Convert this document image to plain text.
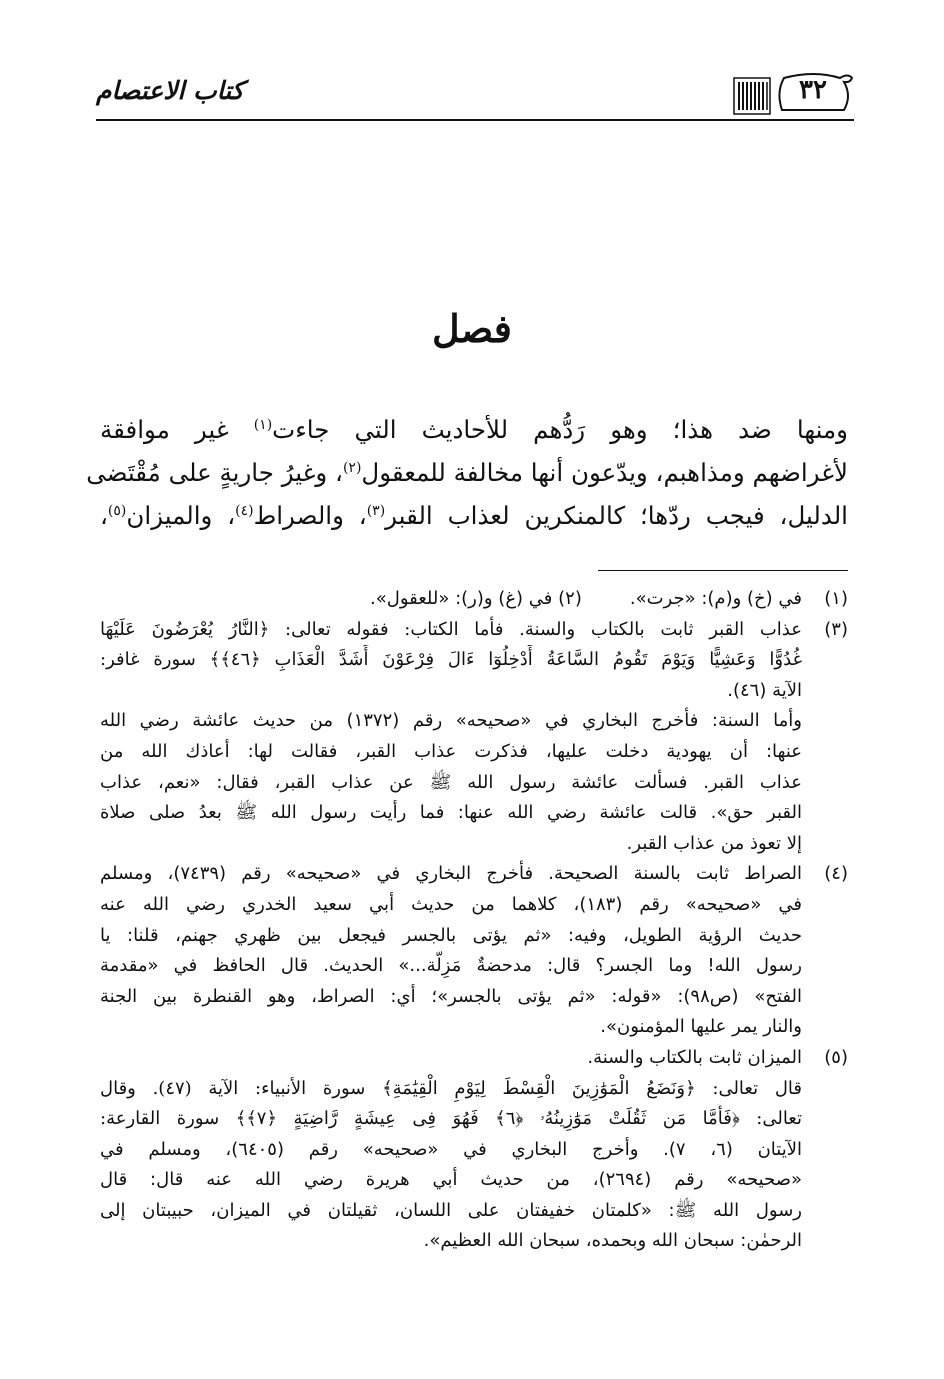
٣٢
كتاب الاعتصام
فصل
ومنها ضد هذا؛ وهو رَدُّهم للأحاديث التي جاءت$^{(١)}$ غير موافقة
لأغراضهم ومذاهبم، ويدّعون أنها مخالفة للمعقول$^{(٢)}$، وغيرُ جاريةٍ على مُقْتَضى
الدليل، فيجب ردّها؛ كالمنكرين لعذاب القبر$^{(٣)}$، والصراط$^{(٤)}$، والميزان$^{(٥)}$،
(١)
في (خ) و(م): «جرت».
(٢) في (غ) و(ر): «للعقول».
(٣)
عذاب القبر ثابت بالكتاب والسنة. فأما الكتاب: فقوله تعالى: ﴿النَّارُ يُعْرَضُونَ عَلَيْهَا
غُدُوًّا وَعَشِيًّا وَيَوْمَ تَقُومُ السَّاعَةُ أَدْخِلُوٓا ءَالَ فِرْعَوْنَ أَشَدَّ الْعَذَابِ ﴿٤٦﴾﴾ سورة غافر:
الآية (٤٦).
وأما السنة: فأخرج البخاري في «صحيحه» رقم (١٣٧٢) من حديث عائشة رضي الله
عنها: أن يهودية دخلت عليها، فذكرت عذاب القبر، فقالت لها: أعاذك الله من
عذاب القبر. فسألت عائشة رسول الله ﷺ عن عذاب القبر، فقال: «نعم، عذاب
القبر حق». قالت عائشة رضي الله عنها: فما رأيت رسول الله ﷺ بعدُ صلى صلاة
إلا تعوذ من عذاب القبر.
(٤)
الصراط ثابت بالسنة الصحيحة. فأخرج البخاري في «صحيحه» رقم (٧٤٣٩)، ومسلم
في «صحيحه» رقم (١٨٣)، كلاهما من حديث أبي سعيد الخدري رضي الله عنه
حديث الرؤية الطويل، وفيه: «ثم يؤتى بالجسر فيجعل بين ظهري جهنم، قلنا: يا
رسول الله! وما الجسر؟ قال: مدحضةٌ مَزِلَّة...» الحديث. قال الحافظ في «مقدمة
الفتح» (ص٩٨): «قوله: «ثم يؤتى بالجسر»؛ أي: الصراط، وهو القنطرة بين الجنة
والنار يمر عليها المؤمنون».
(٥)
الميزان ثابت بالكتاب والسنة.
قال تعالى: ﴿وَنَضَعُ الْمَوَٰزِينَ الْقِسْطَ لِيَوْمِ الْقِيَٰمَةِ﴾ سورة الأنبياء: الآية (٤٧). وقال
تعالى: ﴿فَأَمَّا مَن ثَقُلَتْ مَوَٰزِينُهُۥ ﴿٦﴾ فَهُوَ فِى عِيشَةٍ رَّاضِيَةٍ ﴿٧﴾﴾ سورة القارعة:
الآيتان (٦، ٧). وأخرج البخاري في «صحيحه» رقم (٦٤٠٥)، ومسلم في
«صحيحه» رقم (٢٦٩٤)، من حديث أبي هريرة رضي الله عنه قال: قال
رسول الله ﷺ: «كلمتان خفيفتان على اللسان، ثقيلتان في الميزان، حبيبتان إلى
الرحمٰن: سبحان الله وبحمده، سبحان الله العظيم».
